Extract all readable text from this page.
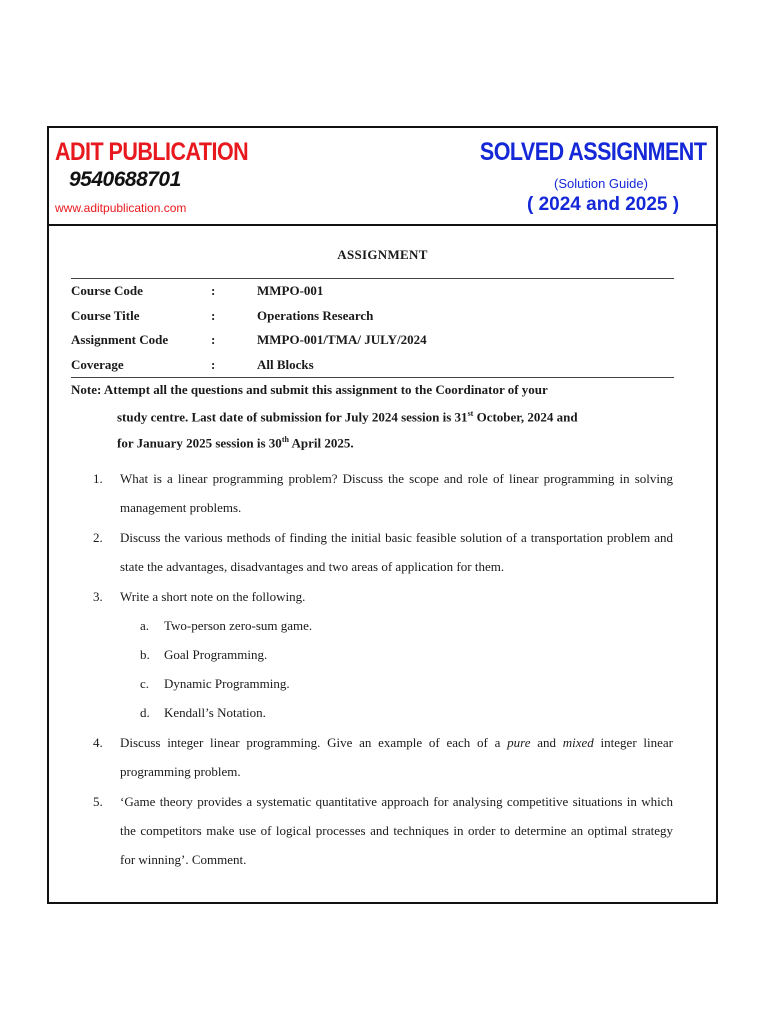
ADIT PUBLICATION
9540688701
www.aditpublication.com
SOLVED ASSIGNMENT
(Solution Guide)
( 2024 and 2025 )
ASSIGNMENT
Course Code	:	MMPO-001
Course Title	:	Operations Research
Assignment Code	:	MMPO-001/TMA/ JULY/2024
Coverage	:	All Blocks
Note: Attempt all the questions and submit this assignment to the Coordinator of your
study centre. Last date of submission for July 2024 session is 31st October, 2024 and
for January 2025 session is 30th April 2025.
1.	What is a linear programming problem? Discuss the scope and role of linear programming in solving management problems.
2.	Discuss the various methods of finding the initial basic feasible solution of a transportation problem and state the advantages, disadvantages and two areas of application for them.
3.	Write a short note on the following.
a.	Two-person zero-sum game.
b.	Goal Programming.
c.	Dynamic Programming.
d.	Kendall’s Notation.
4.	Discuss integer linear programming. Give an example of each of a pure and mixed integer linear programming problem.
5.	‘Game theory provides a systematic quantitative approach for analysing competitive situations in which the competitors make use of logical processes and techniques in order to determine an optimal strategy for winning’. Comment.
